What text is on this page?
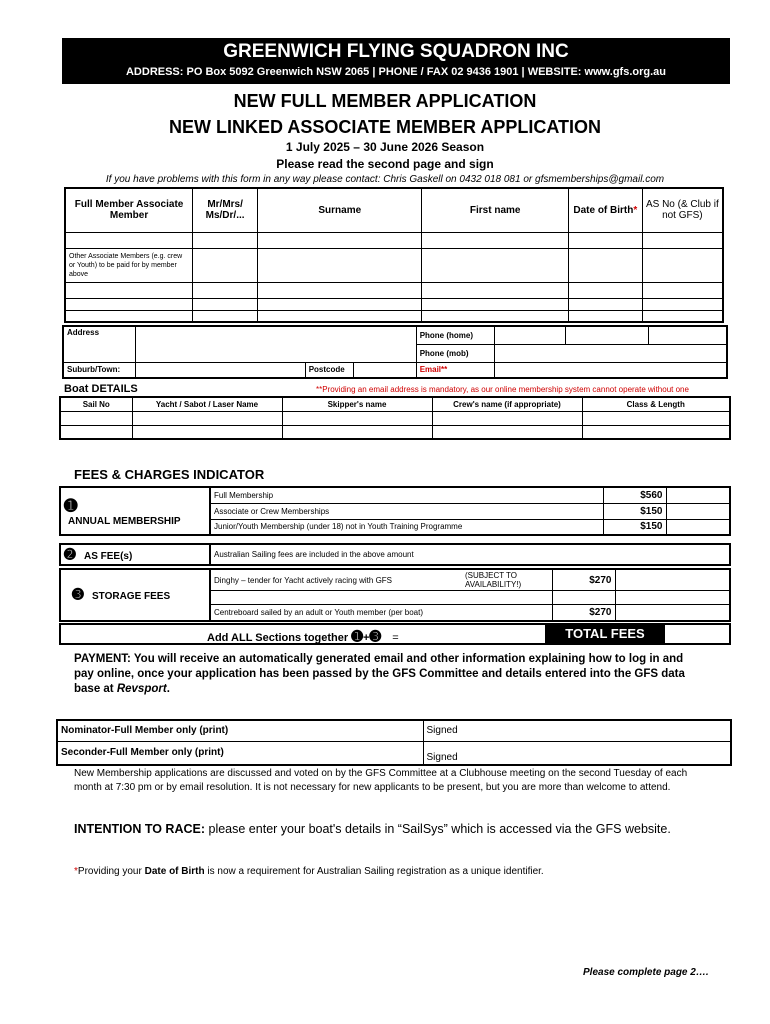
GREENWICH FLYING SQUADRON INC
ADDRESS: PO Box 5092 Greenwich NSW 2065 | PHONE / FAX 02 9436 1901 | WEBSITE: www.gfs.org.au
NEW FULL MEMBER APPLICATION
NEW LINKED ASSOCIATE MEMBER APPLICATION
1 July 2025 – 30 June 2026 Season
Please read the second page and sign
If you have problems with this form in any way please contact: Chris Gaskell on 0432 018 081 or gfsmemberships@gmail.com
Full Member Associate Member	Mr/Mrs/ Ms/Dr/...	Surname	First name	Date of Birth*	AS No (& Club if not GFS)

Other Associate Members (e.g. crew or Youth) to be paid for by member above					

Address				Phone (home)			
				Phone (mob)			
Suburb/Town:		Postcode		Email**			
Boat DETAILS	**Providing an email address is mandatory, as our online membership system cannot operate without one
Sail No	Yacht / Sabot / Laser Name	Skipper's name	Crew's name (if appropriate)	Class & Length

FEES & CHARGES INDICATOR
➊
ANNUAL MEMBERSHIP	Full Membership	$560	
	Associate or Crew Memberships	$150	
	Junior/Youth Membership (under 18) not in Youth Training Programme	$150	
➋ AS FEE(s)	Australian Sailing fees are included in the above amount
➌ STORAGE FEES	Dinghy – tender for Yacht actively racing with GFS	(SUBJECT TO AVAILABILITY!)	$270	

	Centreboard sailed by an adult or Youth member (per boat)		$270	
Add ALL Sections together ➊+➌ =	TOTAL FEES
PAYMENT: You will receive an automatically generated email and other information explaining how to log in and pay online, once your application has been passed by the GFS Committee and details entered into the GFS data base at Revsport.
Nominator-Full Member only (print)	Signed
Seconder-Full Member only (print)	Signed
New Membership applications are discussed and voted on by the GFS Committee at a Clubhouse meeting on the second Tuesday of each month at 7:30 pm or by email resolution. It is not necessary for new applicants to be present, but you are more than welcome to attend.
INTENTION TO RACE: please enter your boat's details in “SailSys” which is accessed via the GFS website.
*Providing your Date of Birth is now a requirement for Australian Sailing registration as a unique identifier.
Please complete page 2….
